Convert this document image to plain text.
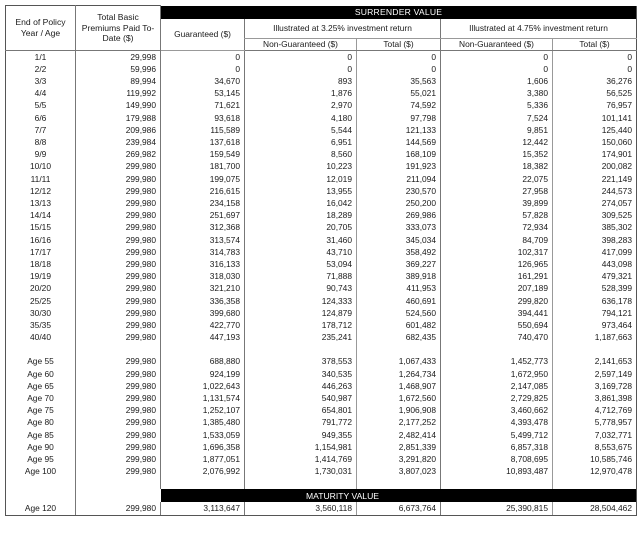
End of Policy Year / Age	Total Basic Premiums Paid To-Date ($)	SURRENDER VALUE				
		Guaranteed ($)	Illustrated at 3.25% investment return		Illustrated at 4.75% investment return	
			Non-Guaranteed ($)	Total ($)	Non-Guaranteed ($)	Total ($)
1/1	29,998	0	0	0	0	0
2/2	59,996	0	0	0	0	0
3/3	89,994	34,670	893	35,563	1,606	36,276
4/4	119,992	53,145	1,876	55,021	3,380	56,525
5/5	149,990	71,621	2,970	74,592	5,336	76,957
6/6	179,988	93,618	4,180	97,798	7,524	101,141
7/7	209,986	115,589	5,544	121,133	9,851	125,440
8/8	239,984	137,618	6,951	144,569	12,442	150,060
9/9	269,982	159,549	8,560	168,109	15,352	174,901
10/10	299,980	181,700	10,223	191,923	18,382	200,082
11/11	299,980	199,075	12,019	211,094	22,075	221,149
12/12	299,980	216,615	13,955	230,570	27,958	244,573
13/13	299,980	234,158	16,042	250,200	39,899	274,057
14/14	299,980	251,697	18,289	269,986	57,828	309,525
15/15	299,980	312,368	20,705	333,073	72,934	385,302
16/16	299,980	313,574	31,460	345,034	84,709	398,283
17/17	299,980	314,783	43,710	358,492	102,317	417,099
18/18	299,980	316,133	53,094	369,227	126,965	443,098
19/19	299,980	318,030	71,888	389,918	161,291	479,321
20/20	299,980	321,210	90,743	411,953	207,189	528,399
25/25	299,980	336,358	124,333	460,691	299,820	636,178
30/30	299,980	399,680	124,879	524,560	394,441	794,121
35/35	299,980	422,770	178,712	601,482	550,694	973,464
40/40	299,980	447,193	235,241	682,435	740,470	1,187,663

Age 55	299,980	688,880	378,553	1,067,433	1,452,773	2,141,653
Age 60	299,980	924,199	340,535	1,264,734	1,672,950	2,597,149
Age 65	299,980	1,022,643	446,263	1,468,907	2,147,085	3,169,728
Age 70	299,980	1,131,574	540,987	1,672,560	2,729,825	3,861,398
Age 75	299,980	1,252,107	654,801	1,906,908	3,460,662	4,712,769
Age 80	299,980	1,385,480	791,772	2,177,252	4,393,478	5,778,957
Age 85	299,980	1,533,059	949,355	2,482,414	5,499,712	7,032,771
Age 90	299,980	1,696,358	1,154,981	2,851,339	6,857,318	8,553,675
Age 95	299,980	1,877,051	1,414,769	3,291,820	8,708,695	10,585,746
Age 100	299,980	2,076,992	1,730,031	3,807,023	10,893,487	12,970,478

			MATURITY VALUE			
Age 120	299,980	3,113,647	3,560,118	6,673,764	25,390,815	28,504,462
